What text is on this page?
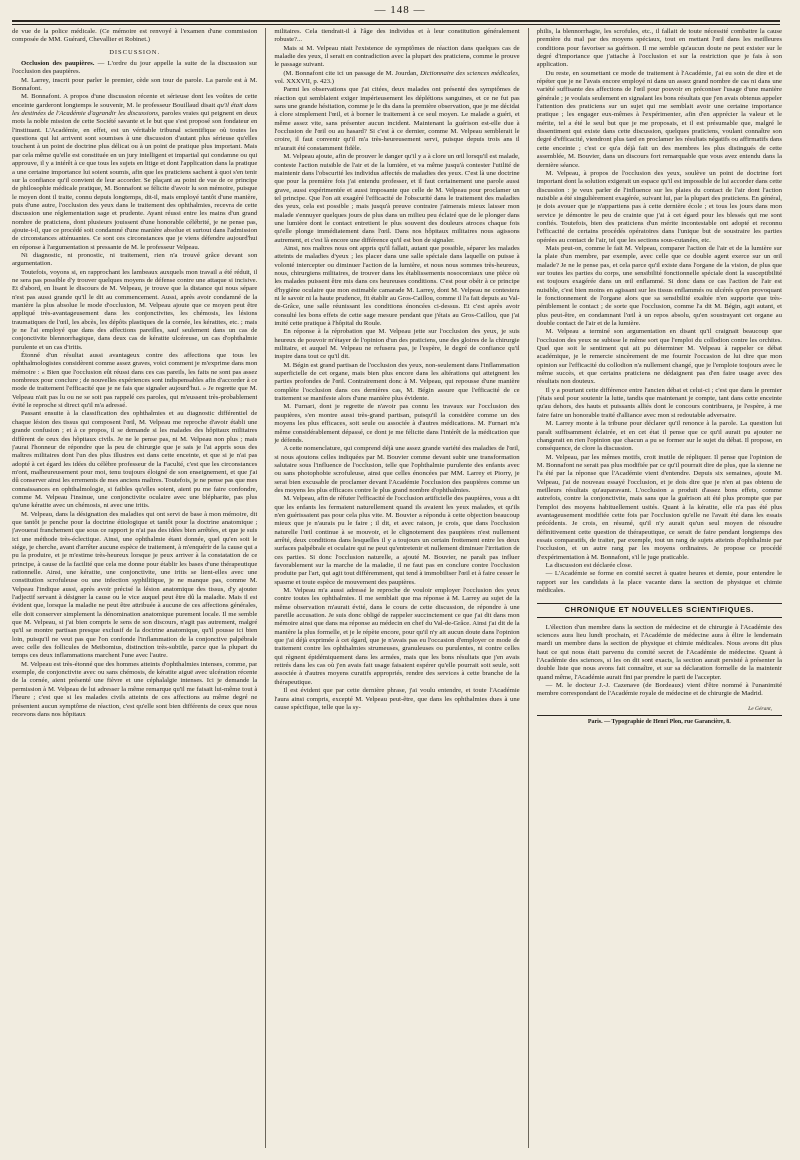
— 148 —

de vue de la police médicale. (Ce mémoire est renvoyé à l'examen d'une commission composée de MM. Guérard, Chevallier et Robinet.)

DISCUSSION.

Occlusion des paupières. — L'ordre du jour appelle la suite de la discussion sur l'occlusion des paupières.

M. Larrey, inscrit pour parler le premier, cède son tour de parole. La parole est à M. Bonnafont.

M. Bonnafont. A propos d'une discussion récente et sérieuse dont les voûtes de cette enceinte garderont longtemps le souvenir, M. le professeur Bouillaud disait qu'il était dans les destinées de l'Académie d'agrandir les discussions, paroles vraies qui peignent en deux mots la noble mission de cette Société savante et le but que s'est proposé son fondateur en l'instituant. L'Académie, en effet, est un véritable tribunal scientifique où toutes les questions qui lui arrivent sont soumises à une discussion d'autant plus sérieuse qu'elles touchent à un point de doctrine plus délicat ou à un point de pratique plus important. Mais par cela même qu'elle est constituée en un jury intelligent et impartial qui condamne ou qui approuve, il y a intérêt à ce que tous les sujets en litige et dont l'application dans la pratique a une certaine importance lui soient soumis, afin que les praticiens sachent à quoi s'en tenir sur la confiance qu'il convient de leur accorder. Se plaçant au point de vue de ce principe de philosophie médicale pratique, M. Bonnafont se félicite d'avoir lu son mémoire, puisque le moyen dont il traite, connu depuis longtemps, dit-il, mais employé tantôt d'une manière, puis d'une autre, l'occlusion des yeux dans le traitement des ophthalmies, recevra de cette discussion une réglementation sage et prudente. Ayant réussi entre les mains d'un grand nombre de praticiens, dont plusieurs jouissent d'une honorable célébrité, je ne pense pas, ajoute-t-il, que ce procédé soit condamné d'une manière absolue et surtout dans l'admission de circonstances atténuantes. Ce sont ces circonstances que je viens défendre aujourd'hui en réponse à l'argumentation si pressante de M. le professeur Velpeau.

Ni diagnostic, ni pronostic, ni traitement, rien n'a trouvé grâce devant son argumentation.

Toutefois, voyons si, en rapprochant les lambeaux auxquels mon travail a été réduit, il ne sera pas possible d'y trouver quelques moyens de défense contre une attaque si incisive. Et d'abord, en lisant le discours de M. Velpeau, je trouve que la distance qui nous sépare n'est pas aussi grande qu'il le dit au commencement. Aussi, après avoir condamné de la manière la plus absolue le mode d'occlusion, M. Velpeau ajoute que ce moyen peut être appliqué très-avantageusement dans les conjonctivites, les chémosis, les lésions traumatiques de l'œil, les abcès, les dépôts plastiques de la cornée, les kératites, etc. ; mais je ne l'ai employé que dans des affections pareilles, sauf seulement dans un cas de conjonctivite blennorrhagique, dans deux cas de kératite ulcéreuse, un cas d'ophthalmie purulente et un cas d'iritis.

Étonné d'un résultat aussi avantageux contre des affections que tous les ophthalmologistes considèrent comme assez graves, voici comment je m'exprime dans mon mémoire : « Bien que l'occlusion eût réussi dans ces cas pareils, les faits ne sont pas assez nombreux pour conclure ; de nouvelles expériences sont indispensables afin d'accorder à ce mode de traitement l'efficacité que je ne fais que signaler aujourd'hui. » Je regrette que M. Velpeau n'ait pas lu ou ne se soit pas rappelé ces paroles, qui m'eussent très-probablement évité le reproche si direct qu'il m'a adressé.

Passant ensuite à la classification des ophthalmies et au diagnostic différentiel de chaque lésion des tissus qui composent l'œil, M. Velpeau me reproche d'avoir établi une grande confusion ; et à ce propos, il se demande si les malades des hôpitaux militaires diffèrent de ceux des hôpitaux civils. Je ne le pense pas, ni M. Velpeau non plus ; mais j'aurai l'honneur de répondre que la peu de chirurgie que je sais je l'ai appris sous des maîtres militaires dont l'un des plus illustres est dans cette enceinte, et que si je n'ai pas adopté à cet égard les idées du célèbre professeur de la Faculté, c'est que les circonstances m'ont, malheureusement pour moi, tenu toujours éloigné de son enseignement, et que j'ai dû conserver ainsi les errements de mes anciens maîtres. Toutefois, je ne pense pas que mes connaissances en ophthalmologie, si faibles qu'elles soient, aient pu me faire confondre, comme M. Velpeau l'insinue, une conjonctivite oculaire avec une blépharite, pas plus qu'une kératite avec un chémosis, ni avec une iritis.

M. Velpeau, dans la désignation des maladies qui ont servi de base à mon mémoire, dit que tantôt je penche pour la doctrine étiologique et tantôt pour la doctrine anatomique ; j'avouerai franchement que sous ce rapport je n'ai pas des idées bien arrêtées, et que je suis ici une méthode très-éclectique. Ainsi, une ophthalmie étant donnée, quel qu'en soit le siége, je cherche, avant d'arrêter aucune espèce de traitement, à m'enquérir de la cause qui a pu la produire, et je m'estime très-heureux lorsque je peux arriver à la constatation de ce principe, à cause de la facilité que cela me donne pour établir les bases d'une thérapeutique rationnelle. Ainsi, une kératite, une conjonctivite, une iritis se lient-elles avec une constitution scrofuleuse ou une infection syphilitique, je ne manque pas, comme M. Velpeau l'indique aussi, après avoir précisé la lésion anatomique des tissus, d'y ajouter l'adjectif servant à désigner la cause ou le vice auquel peut être dû la maladie. Mais il est évident que, lorsque la maladie ne peut être attribuée à aucune de ces affections générales, elle doit conserver simplement la dénomination anatomique purement locale. Il me semble que M. Velpeau, si j'ai bien compris le sens de son discours, n'agit pas autrement, malgré qu'il se montre partisan presque exclusif de la doctrine anatomique, qu'il pousse ici bien loin, puisqu'il ne veut pas que l'on confonde l'inflammation de la conjonctive palpébrale avec celle des follicules de Meibomius, distinction très-subtile, parce que la plupart du temps ces deux inflammations marchent l'une avec l'autre.

M. Velpeau est très-étonné que des hommes atteints d'ophthalmies intenses, comme, par exemple, de conjonctivite avec ou sans chémosis, de kératite aiguë avec ulcération récente de la cornée, aient présenté une fièvre et une céphalalgie intenses. Ici je demande la permission à M. Velpeau de lui adresser la même remarque qu'il me faisait lui-même tout à l'heure ; c'est que si les malades civils atteints de ces affections au même degré ne présentent aucun symptôme de réaction, c'est qu'elle sont bien différents de ceux que nous recevons dans nos hôpitaux

militaires. Cela tiendrait-il à l'âge des individus et à leur constitution généralement robuste?...

Mais si M. Velpeau niait l'existence de symptômes de réaction dans quelques cas de maladie des yeux, il serait en contradiction avec la plupart des praticiens, comme le prouve le passage suivant.

(M. Bonnafont cite ici un passage de M. Jourdan, Dictionnaire des sciences médicales, vol. XXXVII, p. 423.)

Parmi les observations que j'ai citées, deux malades ont présenté des symptômes de réaction qui semblaient exiger impérieusement les déplétions sanguines, et ce ne fut pas sans une grande hésitation, comme je le dis dans la première observation, que je me décidai à clore simplement l'œil, et à borner le traitement à ce seul moyen. Le malade a guéri, et même assez vite, sans présenter aucun incident. Maintenant la guérison est-elle due à l'occlusion de l'œil ou au hasard? Si c'est à ce dernier, comme M. Velpeau semblerait le croire, il faut convenir qu'il m'a très-heureusement servi, puisque depuis trois ans il m'aurait été constamment fidèle.

M. Velpeau ajoute, afin de prouver le danger qu'il y a à clore un œil lorsqu'il est malade, conteste l'action nuisible de l'air et de la lumière, et va même jusqu'à contester l'utilité de maintenir dans l'obscurité les individus affectés de maladies des yeux. C'est là une doctrine que pour la première fois j'ai entendu professer, et il faut certainement une parole aussi grave, aussi expérimentée et aussi imposante que celle de M. Velpeau pour proclamer un tel principe. Que l'on ait exagéré l'efficacité de l'obscurité dans le traitement des maladies des yeux, cela est possible ; mais jusqu'à preuve contraire j'aimerais mieux laisser mon malade s'ennuyer quelques jours de plus dans un milieu peu éclairé que de le plonger dans une lumière dont le contact entretient le plus souvent des douleurs atroces chaque fois qu'elle plonge immédiatement dans l'œil. Dans nos hôpitaux militaires nous agissons autrement, et c'est là encore une différence qu'il est bon de signaler.

Ainsi, nos maîtres nous ont appris qu'il fallait, autant que possible, séparer les malades atteints de maladies d'yeux ; les placer dans une salle spéciale dans laquelle on puisse à volonté intercepter ou diminuer l'action de la lumière, et nous nous sommes très-heureux, nous, chirurgiens militaires, de trouver dans les établissements nosocomiaux une pièce où les malades puissent être mis dans ces heureuses conditions. C'est pour obéir à ce principe d'hygiène oculaire que mon estimable camarade M. Larrey, dont M. Velpeau ne contestera ni le savoir ni la haute prudence, fit établir au Gros-Caillou, comme il l'a fait depuis au Val-de-Grâce, une salle réunissant les conditions énoncées ci-dessus. Et c'est après avoir consulté les bons effets de cette sage mesure pendant que j'étais au Gros-Caillou, que j'ai imité cette pratique à l'hôpital du Roule.

En réponse à la réprobation que M. Velpeau jette sur l'occlusion des yeux, je suis heureux de pouvoir m'étayer de l'opinion d'un des praticiens, une des gloires de la chirurgie militaire, et auquel M. Velpeau ne refusera pas, je l'espère, le degré de confiance qu'il inspire dans tout ce qu'il dit.

M. Bégin est grand partisan de l'occlusion des yeux, non-seulement dans l'inflammation superficielle de cet organe, mais bien plus encore dans les altérations qui atteignent les parties profondes de l'œil. Contrairement donc à M. Velpeau, qui repousse d'une manière complète l'occlusion dans ces dernières cas, M. Bégin assure que l'efficacité de ce traitement se manifeste alors d'une manière plus évidente.

M. Furnari, dont je regrette de n'avoir pas connu les travaux sur l'occlusion des paupières, s'en montre aussi très-grand partisan, puisqu'il la considère comme un des moyens les plus efficaces, soit seule ou associée à d'autres médications. M. Furnari m'a même considérablement dépassé, ce dont je me félicite dans l'intérêt de la médication que je défends.

A cette nomenclature, qui comprend déjà une assez grande variété des maladies de l'œil, si nous ajoutons celles indiquées par M. Bouvier comme devant subir une transformation salutaire sous l'influence de l'occlusion, telle que l'ophthalmie purulente des enfants avec ou sans photophobie scrofuleuse, ainsi que celles énoncées par MM. Larrey et Piorry, je serai bien excusable de proclamer devant l'Académie l'occlusion des paupières comme un des moyens les plus efficaces contre le plus grand nombre d'ophthalmies.

M. Velpeau, afin de réfuter l'efficacité de l'occlusion artificielle des paupières, vous a dit que les enfants les fermaient naturellement quand ils avaient les yeux malades, et qu'ils n'en guérissaient pas pour cela plus vite. M. Bouvier a répondu à cette objection beaucoup mieux que je n'aurais pu le faire ; il dit, et avec raison, je crois, que dans l'occlusion naturelle l'œil continue à se mouvoir, et le clignotement des paupières n'est nullement arrêté, deux conditions dans lesquelles il y a toujours un certain frottement entre les deux surfaces palpébrale et oculaire qui ne peut qu'entretenir et nullement diminuer l'irritation de ces parties. Si donc l'occlusion naturelle, a ajouté M. Bouvier, ne paraît pas influer favorablement sur la marche de la maladie, il ne faut pas en conclure contre l'occlusion produite par l'art, qui agit tout différemment, qui tend à immobiliser l'œil et à faire cesser le spasme et toute espèce de mouvement des paupières.

M. Velpeau m'a aussi adressé le reproche de vouloir employer l'occlusion des yeux contre toutes les ophthalmies. Il me semblait que ma réponse à M. Larrey au sujet de la même observation m'aurait évité, dans le cours de cette discussion, de répondre à une pareille accusation. Je suis donc obligé de rappeler succinctement ce que j'ai dit dans mon mémoire ainsi que dans ma réponse au médecin en chef du Val-de-Grâce. Ainsi j'ai dit de la manière la plus formelle, et je le répète encore, pour qu'il n'y ait aucun doute dans l'opinion que j'ai déjà exprimée à cet égard, que je n'avais pas eu l'occasion d'employer ce mode de traitement contre les ophthalmies strumeuses, granuleuses ou purulentes, ni contre celles qui règnent épidémiquement dans les armées, mais que les bons résultats que j'en avais retirés dans les cas où j'en avais fait usage faisaient espérer qu'elle pourrait soit seule, soit associée à d'autres moyens curatifs appropriés, rendre des services à cette branche de la thérapeutique.

Il est évident que par cette dernière phrase, j'ai voulu entendre, et toute l'Académie l'aura ainsi compris, excepté M. Velpeau peut-être, que dans les ophthalmies dues à une cause spécifique, telle que la sy-

philis, la blennorrhagie, les scrofules, etc., il fallait de toute nécessité combattre la cause première du mal par des moyens spéciaux, tout en mettant l'œil dans les meilleures conditions pour favoriser sa guérison. Il me semble qu'aucun doute ne peut exister sur le degré d'importance que j'attache à l'occlusion et sur la restriction que je fais à son application.

Du reste, en soumettant ce mode de traitement à l'Académie, j'ai eu soin de dire et de répéter que je ne l'avais encore employé ni dans un assez grand nombre de cas ni dans une variété suffisante des affections de l'œil pour pouvoir en préconiser l'usage d'une manière générale ; je voulais seulement en signalant les bons résultats que j'en avais obtenus appeler l'attention des praticiens sur un sujet qui me semblait avoir une certaine importance pratique ; les engager eux-mêmes à l'expérimenter, afin d'en apprécier la valeur et le mérite, tel a été le seul but que je me proposais, et il est présumable que, malgré le dissentiment qui existe dans cette discussion, quelques praticiens, voulant connaître son degré d'efficacité, viendront plus tard en proclamer les résultats négatifs ou affirmatifs dans cette enceinte ; c'est ce qu'a déjà fait un des membres les plus distingués de cette assemblée, M. Bouvier, dans un discours fort remarquable que vous avez entendu dans la dernière séance.

M. Velpeau, à propos de l'occlusion des yeux, soulève un point de doctrine fort important dont la solution exigerait un espace qu'il est impossible de lui accorder dans cette discussion : je veux parler de l'influence sur les plaies du contact de l'air dont l'action nuisible a été singulièrement exagérée, suivant lui, par la plupart des praticiens. En général, je dois avouer que je n'appartiens pas à cette dernière école ; et tous les jours dans mon service je démontre le peu de crainte que j'ai à cet égard pour les blessés qui me sont confiés. Toutefois, bien des praticiens d'un mérite incontestable ont adopté et reconnu l'efficacité de certains procédés opératoires dans l'unique but de soustraire les parties opérées au contact de l'air, tel que les sections sous-cutanées, etc.

Mais peut-on, comme le fait M. Velpeau, comparer l'action de l'air et de la lumière sur la plaie d'un membre, par exemple, avec celle que ce double agent exerce sur un œil malade? Je ne le pense pas, et cela parce qu'il existe dans l'organe de la vision, de plus que sur toutes les parties du corps, une sensibilité fonctionnelle spéciale dont la susceptibilité est toujours exagérée dans un œil enflammé. Si donc dans ce cas l'action de l'air est nuisible, c'est bien moins en agissant sur les tissus enflammés ou ulcérés qu'en provoquant le fonctionnement de l'organe alors que sa sensibilité exaltée n'en supporte que très-péniblement le contact ; de sorte que l'occlusion, comme l'a dit M. Bégin, agit autant, et plus peut-être, en condamnant l'œil à un repos absolu, qu'en soustrayant cet organe au double contact de l'air et de la lumière.

M. Velpeau a terminé son argumentation en disant qu'il craignait beaucoup que l'occlusion des yeux ne subisse le même sort que l'emploi du collodion contre les orchites. Quel que soit le sentiment qui ait pu déterminer M. Velpeau à rappeler ce débat académique, je le remercie sincèrement de me fournir l'occasion de lui dire que mon opinion sur l'efficacité du collodion n'a nullement changé, que je l'emploie toujours avec le même succès, et que certains praticiens ne dédaignent pas d'en faire usage avec des résultats non douteux.

Il y a pourtant cette différence entre l'ancien débat et celui-ci ; c'est que dans le premier j'étais seul pour soutenir la lutte, tandis que maintenant je compte, tant dans cette enceinte qu'au dehors, des hauts et puissants alliés dont le concours contribuera, je l'espère, à me faire faire un honorable traité d'alliance avec mon si redoutable adversaire.

M. Larrey monte à la tribune pour déclarer qu'il renonce à la parole. La question lui paraît suffisamment éclairée, et en cet état il pense que ce qu'il aurait pu ajouter ne changerait en rien l'opinion que chacun a pu se former sur le sujet du débat. Il propose, en conséquence, de clore la discussion.

M. Velpeau, par les mêmes motifs, croit inutile de répliquer. Il pense que l'opinion de M. Bonnafont ne serait pas plus modifiée par ce qu'il pourrait dire de plus, que la sienne ne l'a été par la réponse que l'Académie vient d'entendre. Depuis six semaines, ajoute M. Velpeau, j'ai de nouveau essayé l'occlusion, et je dois dire que je n'en ai pas obtenu de meilleurs résultats qu'auparavant. L'occlusion a produit d'assez bons effets, comme autrefois, contre la conjonctivite, mais sans que la guérison ait été plus prompte que par l'emploi des moyens habituellement usités. Quant à la kératite, elle n'a pas été plus avantageusement modifiée cette fois par l'occlusion qu'elle ne l'avait été dans les essais précédents. Je crois, en résumé, qu'il n'y aurait qu'un seul moyen de résoudre définitivement cette question de thérapeutique, ce serait de faire pendant longtemps des essais comparatifs, de traiter, par exemple, tout un rang de sujets atteints d'ophthalmie par l'occlusion, et un autre rang par les moyens ordinaires. Je propose ce procédé d'expérimentation à M. Bonnafont, s'il le juge praticable.

La discussion est déclarée close.

— L'Académie se forme en comité secret à quatre heures et demie, pour entendre le rapport sur les candidats à la place vacante dans la section de physique et chimie médicales.

CHRONIQUE ET NOUVELLES SCIENTIFIQUES.

L'élection d'un membre dans la section de médecine et de chirurgie à l'Académie des sciences aura lieu lundi prochain, et l'Académie de médecine aura à élire le lendemain mardi un membre dans la section de physique et chimie médicales. Nous avons dit plus haut ce qui nous était parvenu du comité secret de l'Académie de médecine. Quant à l'Académie des sciences, si les on dit sont exacts, la section aurait persisté à présenter la double liste que nous avons fait connaître, et sur sa déclaration formelle de la maintenir quand même, l'Académie aurait fini par prendre le parti de l'accepter.

— M. le docteur J.-J. Cazenave (de Bordeaux) vient d'être nommé à l'unanimité membre correspondant de l'Académie royale de médecine et de chirurgie de Madrid.

Le Gérant,
Paris. — Typographie de Henri Plon, rue Garancière, 8.
